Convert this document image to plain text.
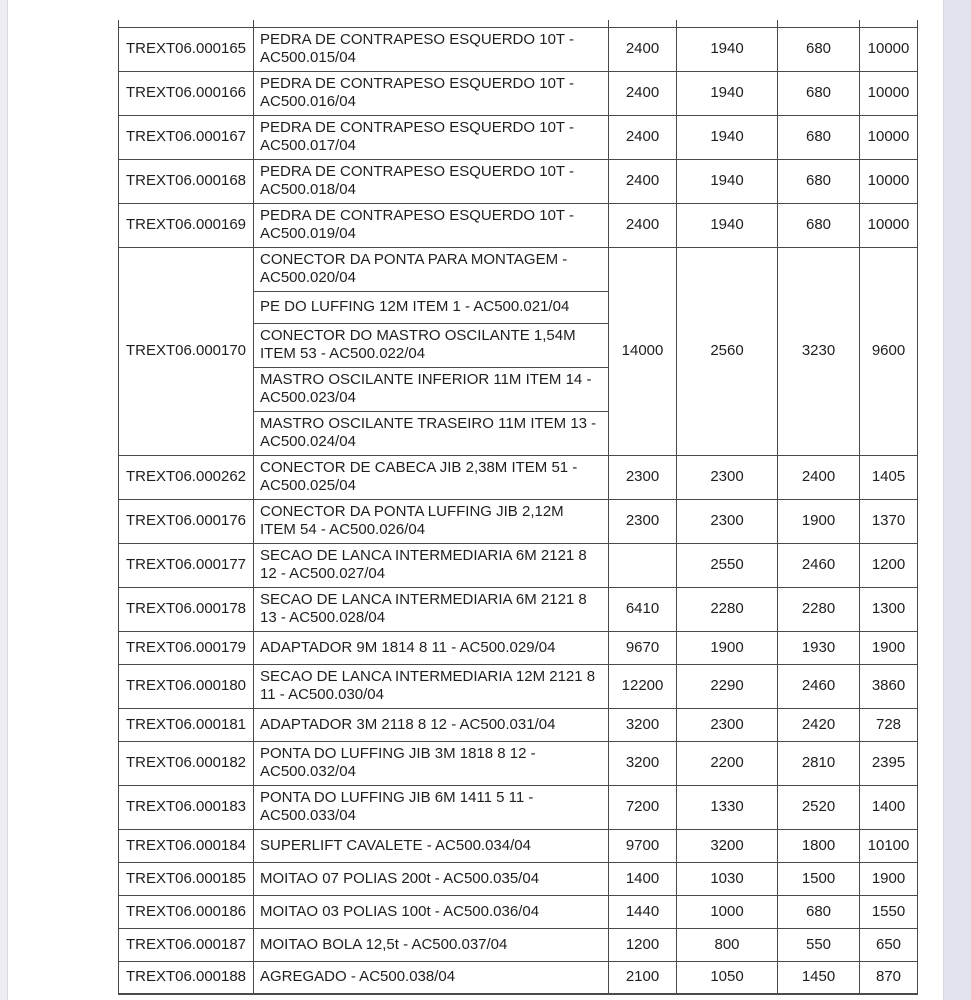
TREXT06.000165	PEDRA DE CONTRAPESO ESQUERDO 10T - AC500.015/04	2400	1940	680	10000
TREXT06.000166	PEDRA DE CONTRAPESO ESQUERDO 10T - AC500.016/04	2400	1940	680	10000
TREXT06.000167	PEDRA DE CONTRAPESO ESQUERDO 10T - AC500.017/04	2400	1940	680	10000
TREXT06.000168	PEDRA DE CONTRAPESO ESQUERDO 10T - AC500.018/04	2400	1940	680	10000
TREXT06.000169	PEDRA DE CONTRAPESO ESQUERDO 10T - AC500.019/04	2400	1940	680	10000
TREXT06.000170	CONECTOR DA PONTA PARA MONTAGEM - AC500.020/04	14000	2560	3230	9600
	PE DO LUFFING 12M ITEM 1 - AC500.021/04				
	CONECTOR DO MASTRO OSCILANTE 1,54M ITEM 53 - AC500.022/04				
	MASTRO OSCILANTE INFERIOR 11M ITEM 14 - AC500.023/04				
	MASTRO OSCILANTE TRASEIRO 11M ITEM 13 - AC500.024/04				
TREXT06.000262	CONECTOR DE CABECA JIB 2,38M ITEM 51 - AC500.025/04	2300	2300	2400	1405
TREXT06.000176	CONECTOR DA PONTA LUFFING JIB 2,12M ITEM 54 - AC500.026/04	2300	2300	1900	1370
TREXT06.000177	SECAO DE LANCA INTERMEDIARIA 6M 2121 8 12 - AC500.027/04		2550	2460	1200
TREXT06.000178	SECAO DE LANCA INTERMEDIARIA 6M 2121 8 13 - AC500.028/04	6410	2280	2280	1300
TREXT06.000179	ADAPTADOR 9M 1814 8 11 - AC500.029/04	9670	1900	1930	1900
TREXT06.000180	SECAO DE LANCA INTERMEDIARIA 12M 2121 8 11 - AC500.030/04	12200	2290	2460	3860
TREXT06.000181	ADAPTADOR 3M 2118 8 12 - AC500.031/04	3200	2300	2420	728
TREXT06.000182	PONTA DO LUFFING JIB 3M 1818 8 12 - AC500.032/04	3200	2200	2810	2395
TREXT06.000183	PONTA DO LUFFING JIB 6M 1411 5 11 - AC500.033/04	7200	1330	2520	1400
TREXT06.000184	SUPERLIFT CAVALETE - AC500.034/04	9700	3200	1800	10100
TREXT06.000185	MOITAO 07 POLIAS 200t - AC500.035/04	1400	1030	1500	1900
TREXT06.000186	MOITAO 03 POLIAS 100t - AC500.036/04	1440	1000	680	1550
TREXT06.000187	MOITAO BOLA 12,5t - AC500.037/04	1200	800	550	650
TREXT06.000188	AGREGADO - AC500.038/04	2100	1050	1450	870
